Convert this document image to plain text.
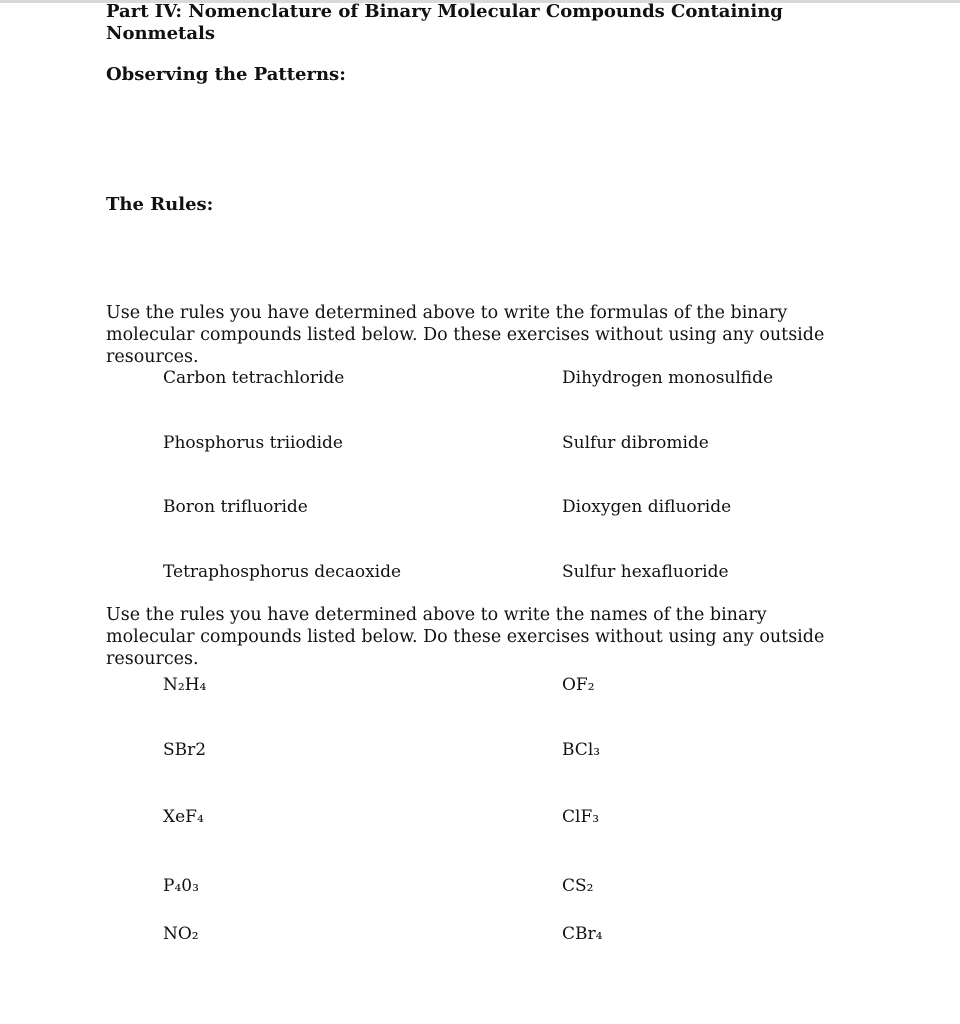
Part IV: Nomenclature of Binary Molecular Compounds Containing Nonmetals
Observing the Patterns:
The Rules:

Use the rules you have determined above to write the formulas of the binary molecular compounds listed below. Do these exercises without using any outside resources.

Carbon tetrachloride	Dihydrogen monosulfide
Phosphorus triiodide	Sulfur dibromide
Boron trifluoride	Dioxygen difluoride
Tetraphosphorus decaoxide	Sulfur hexafluoride

Use the rules you have determined above to write the names of the binary molecular compounds listed below. Do these exercises without using any outside resources.

N₂H₄	OF₂
SBr2	BCl₃
XeF₄	ClF₃
P₄0₃	CS₂
NO₂	CBr₄
